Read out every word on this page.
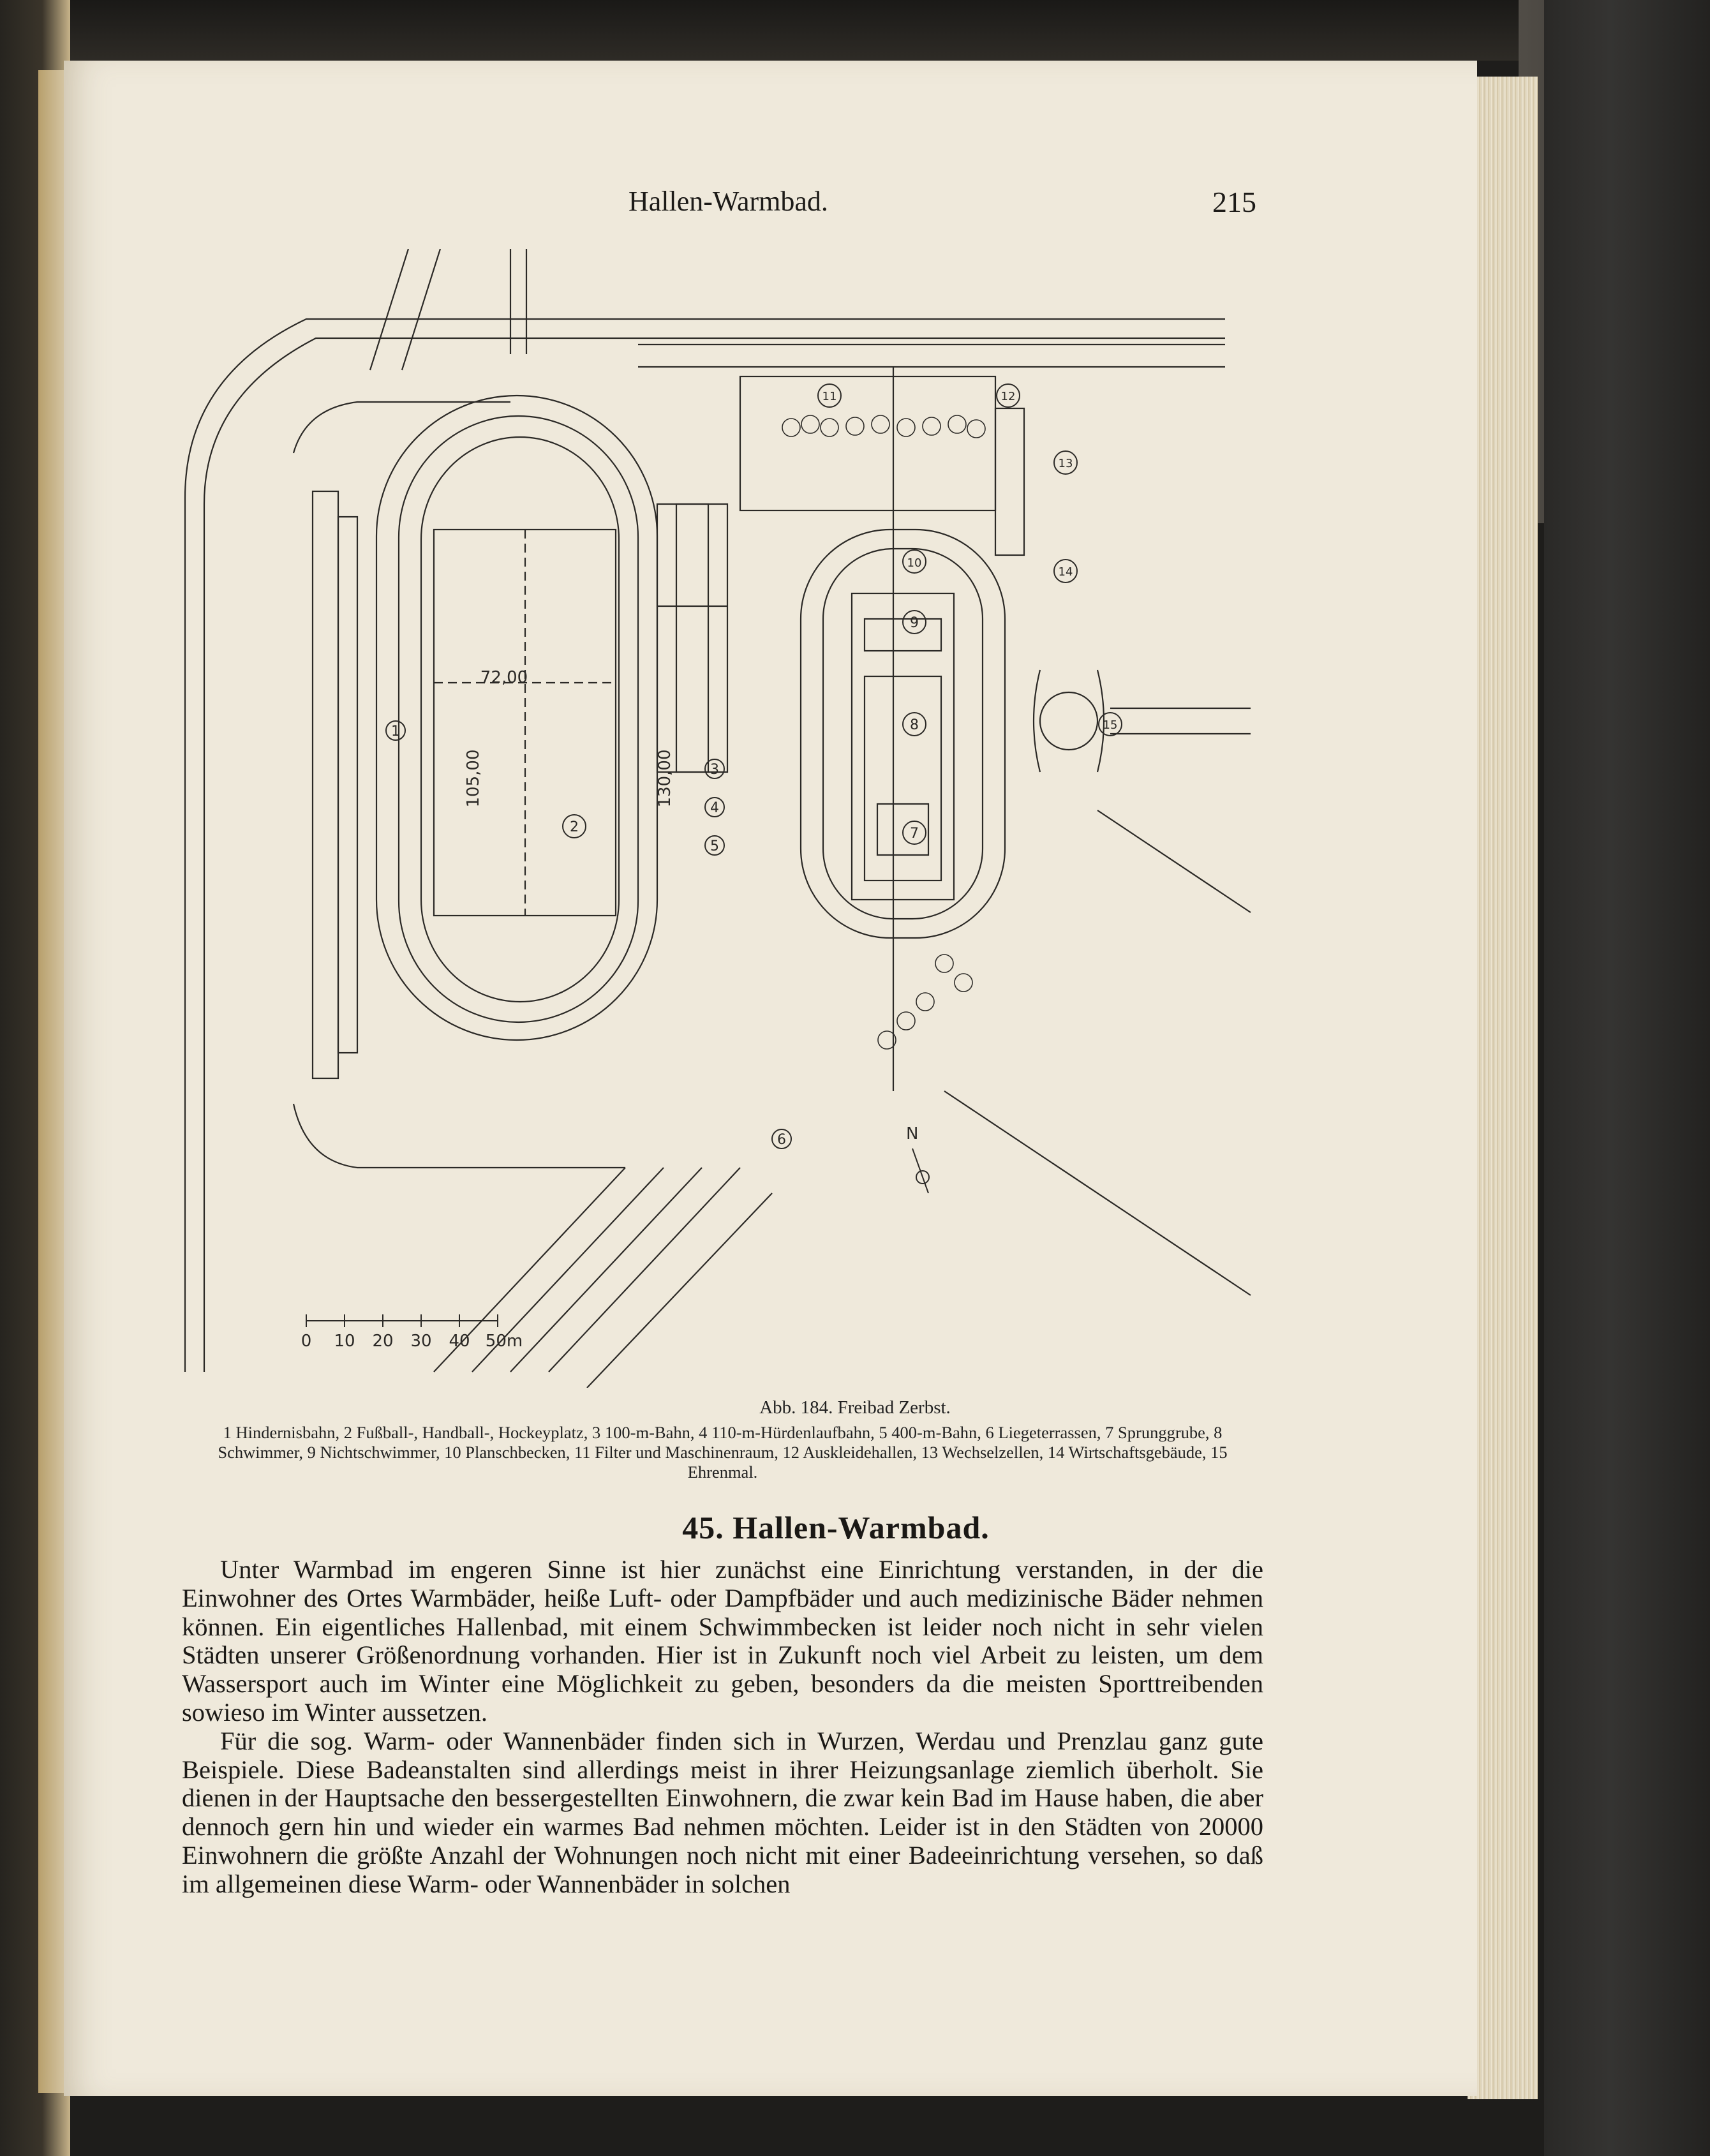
Hallen-Warmbad.	215
72,00
105,00	130,00
1
2
3
4
5
6
7
8
9
10
11	12
13
14
15
N
0 10 20 30 40 50m
Abb. 184. Freibad Zerbst.
1 Hindernisbahn, 2 Fußball-, Handball-, Hockeyplatz, 3 100-m-Bahn, 4 110-m-Hürdenlaufbahn, 5 400-m-Bahn, 6 Liegeterrassen, 7 Sprunggrube, 8 Schwimmer, 9 Nichtschwimmer, 10 Planschbecken, 11 Filter und Maschinenraum, 12 Auskleidehallen, 13 Wechselzellen, 14 Wirtschaftsgebäude, 15 Ehrenmal.
45. Hallen-Warmbad.

Unter Warmbad im engeren Sinne ist hier zunächst eine Einrichtung verstanden, in der die Einwohner des Ortes Warmbäder, heiße Luft- oder Dampfbäder und auch medizinische Bäder nehmen können. Ein eigentliches Hallenbad, mit einem Schwimmbecken ist leider noch nicht in sehr vielen Städten unserer Größenordnung vorhanden. Hier ist in Zukunft noch viel Arbeit zu leisten, um dem Wassersport auch im Winter eine Möglichkeit zu geben, besonders da die meisten Sporttreibenden sowieso im Winter aussetzen.

Für die sog. Warm- oder Wannenbäder finden sich in Wurzen, Werdau und Prenzlau ganz gute Beispiele. Diese Badeanstalten sind allerdings meist in ihrer Heizungsanlage ziemlich überholt. Sie dienen in der Hauptsache den bessergestellten Einwohnern, die zwar kein Bad im Hause haben, die aber dennoch gern hin und wieder ein warmes Bad nehmen möchten. Leider ist in den Städten von 20000 Einwohnern die größte Anzahl der Wohnungen noch nicht mit einer Badeeinrichtung versehen, so daß im allgemeinen diese Warm- oder Wannenbäder in solchen
